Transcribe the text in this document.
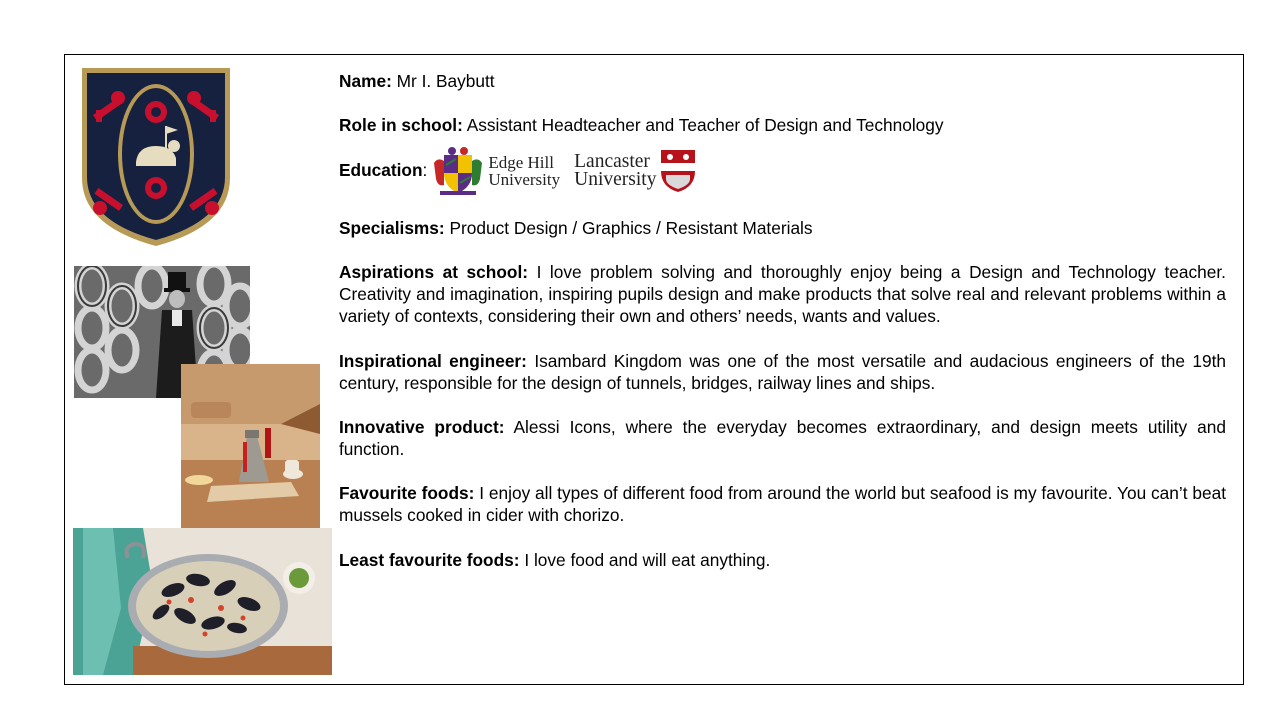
Name: Mr I. Baybutt
Role in school: Assistant Headteacher and Teacher of Design and Technology
Education :	Edge Hill
University
Lancaster
University
Specialisms: Product Design / Graphics / Resistant Materials
Aspirations at school: I love problem solving and thoroughly enjoy being a Design and Technology teacher. Creativity and imagination, inspiring pupils design and make products that solve real and relevant problems within a variety of contexts, considering their own and others’ needs, wants and values.
Inspirational engineer: Isambard Kingdom was one of the most versatile and audacious engineers of the 19th century, responsible for the design of tunnels, bridges, railway lines and ships.
Innovative product: Alessi Icons, where the everyday becomes extraordinary, and design meets utility and function.
Favourite foods: I enjoy all types of different food from around the world but seafood is my favourite. You can’t beat mussels cooked in cider with chorizo.
Least favourite foods: I love food and will eat anything.
